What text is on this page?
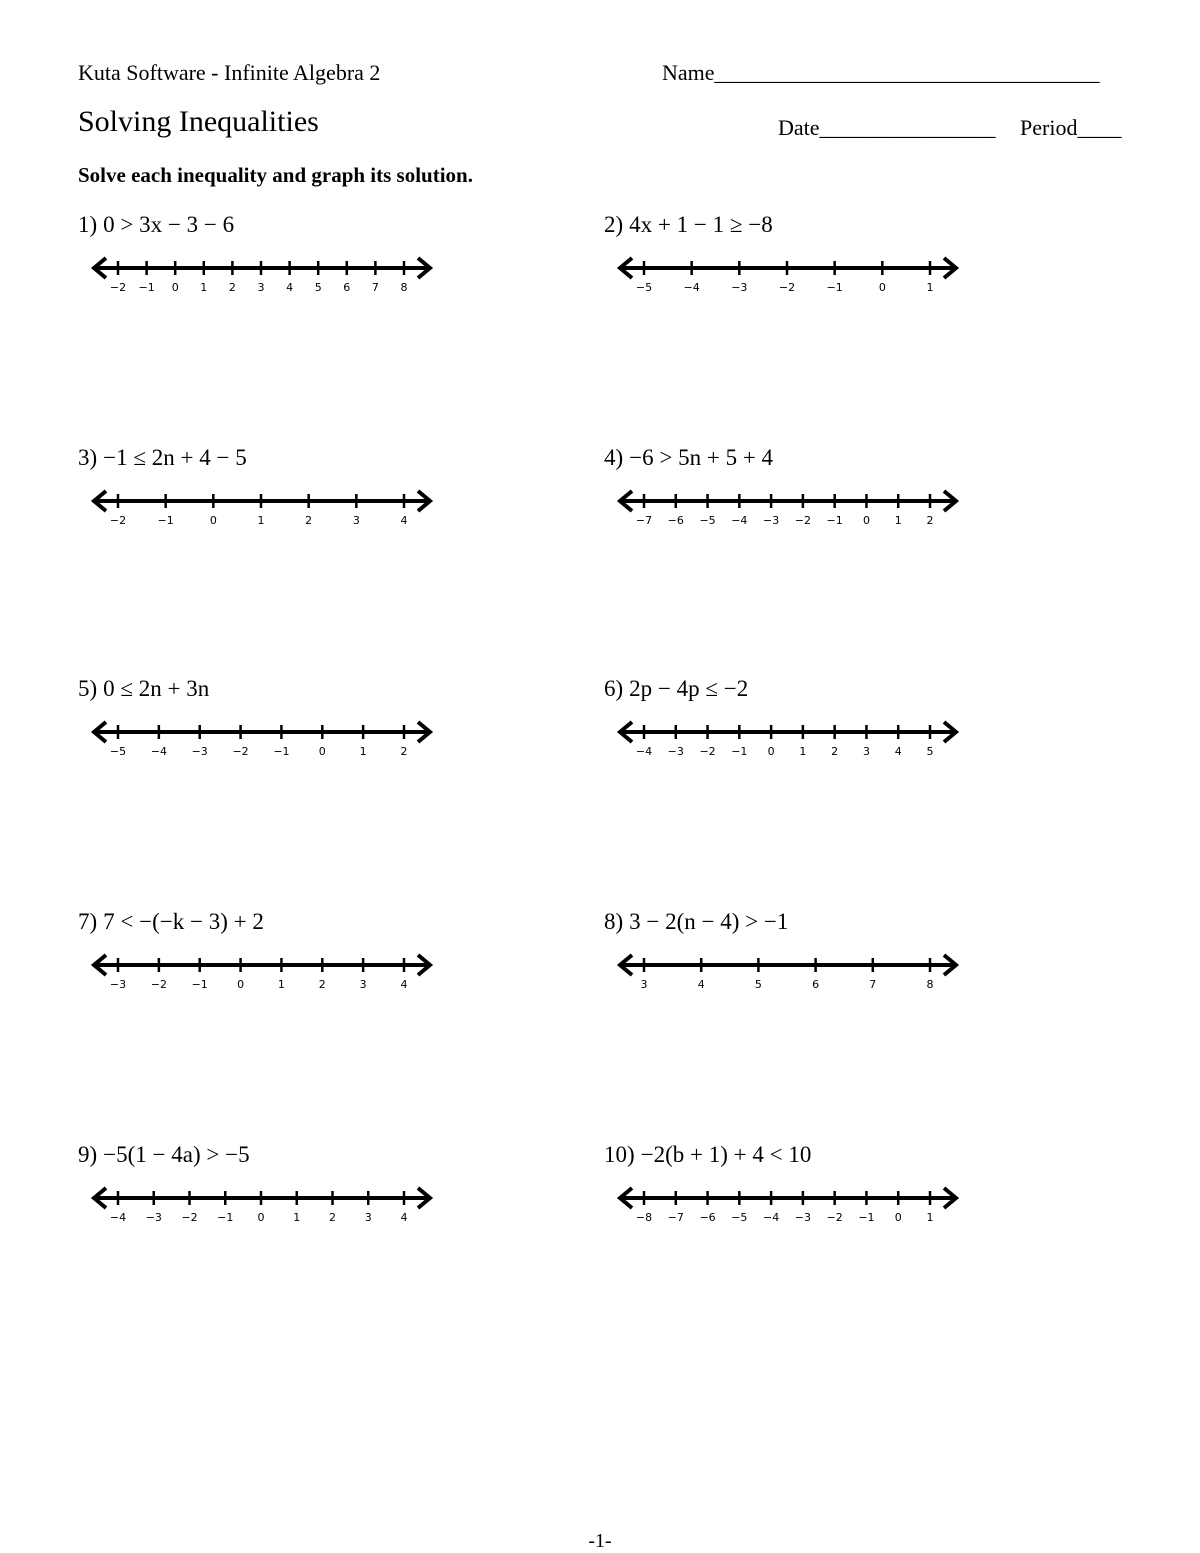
Kuta Software - Infinite Algebra 2	Name___________________________________
Solving Inequalities	Date________________ Period____
Solve each inequality and graph its solution.
1) 0 > 3x − 3 − 6
−2 −1 0 1 2 3 4 5 6 7 8
2) 4x + 1 − 1 ≥ −8
−5	−4	−3	−2	−1	0	1
3) −1 ≤ 2n + 4 − 5
−2	−1	0	1	2	3	4
4) −6 > 5n + 5 + 4
−7 −6 −5 −4 −3 −2 −1 0 1 2
5) 0 ≤ 2n + 3n
−5 −4 −3 −2 −1	0	1	2
6) 2p − 4p ≤ −2
−4 −3 −2 −1 0 1 2 3 4 5
7) 7 < −(−k − 3) + 2
−3 −2 −1	0	1	2	3	4
8) 3 − 2(n − 4) > −1
3	4	5	6	7	8
9) −5(1 − 4a) > −5
−4 −3 −2 −1 0	1	2	3	4
10) −2(b + 1) + 4 < 10
−8 −7 −6 −5 −4 −3 −2 −1 0 1
-1-
